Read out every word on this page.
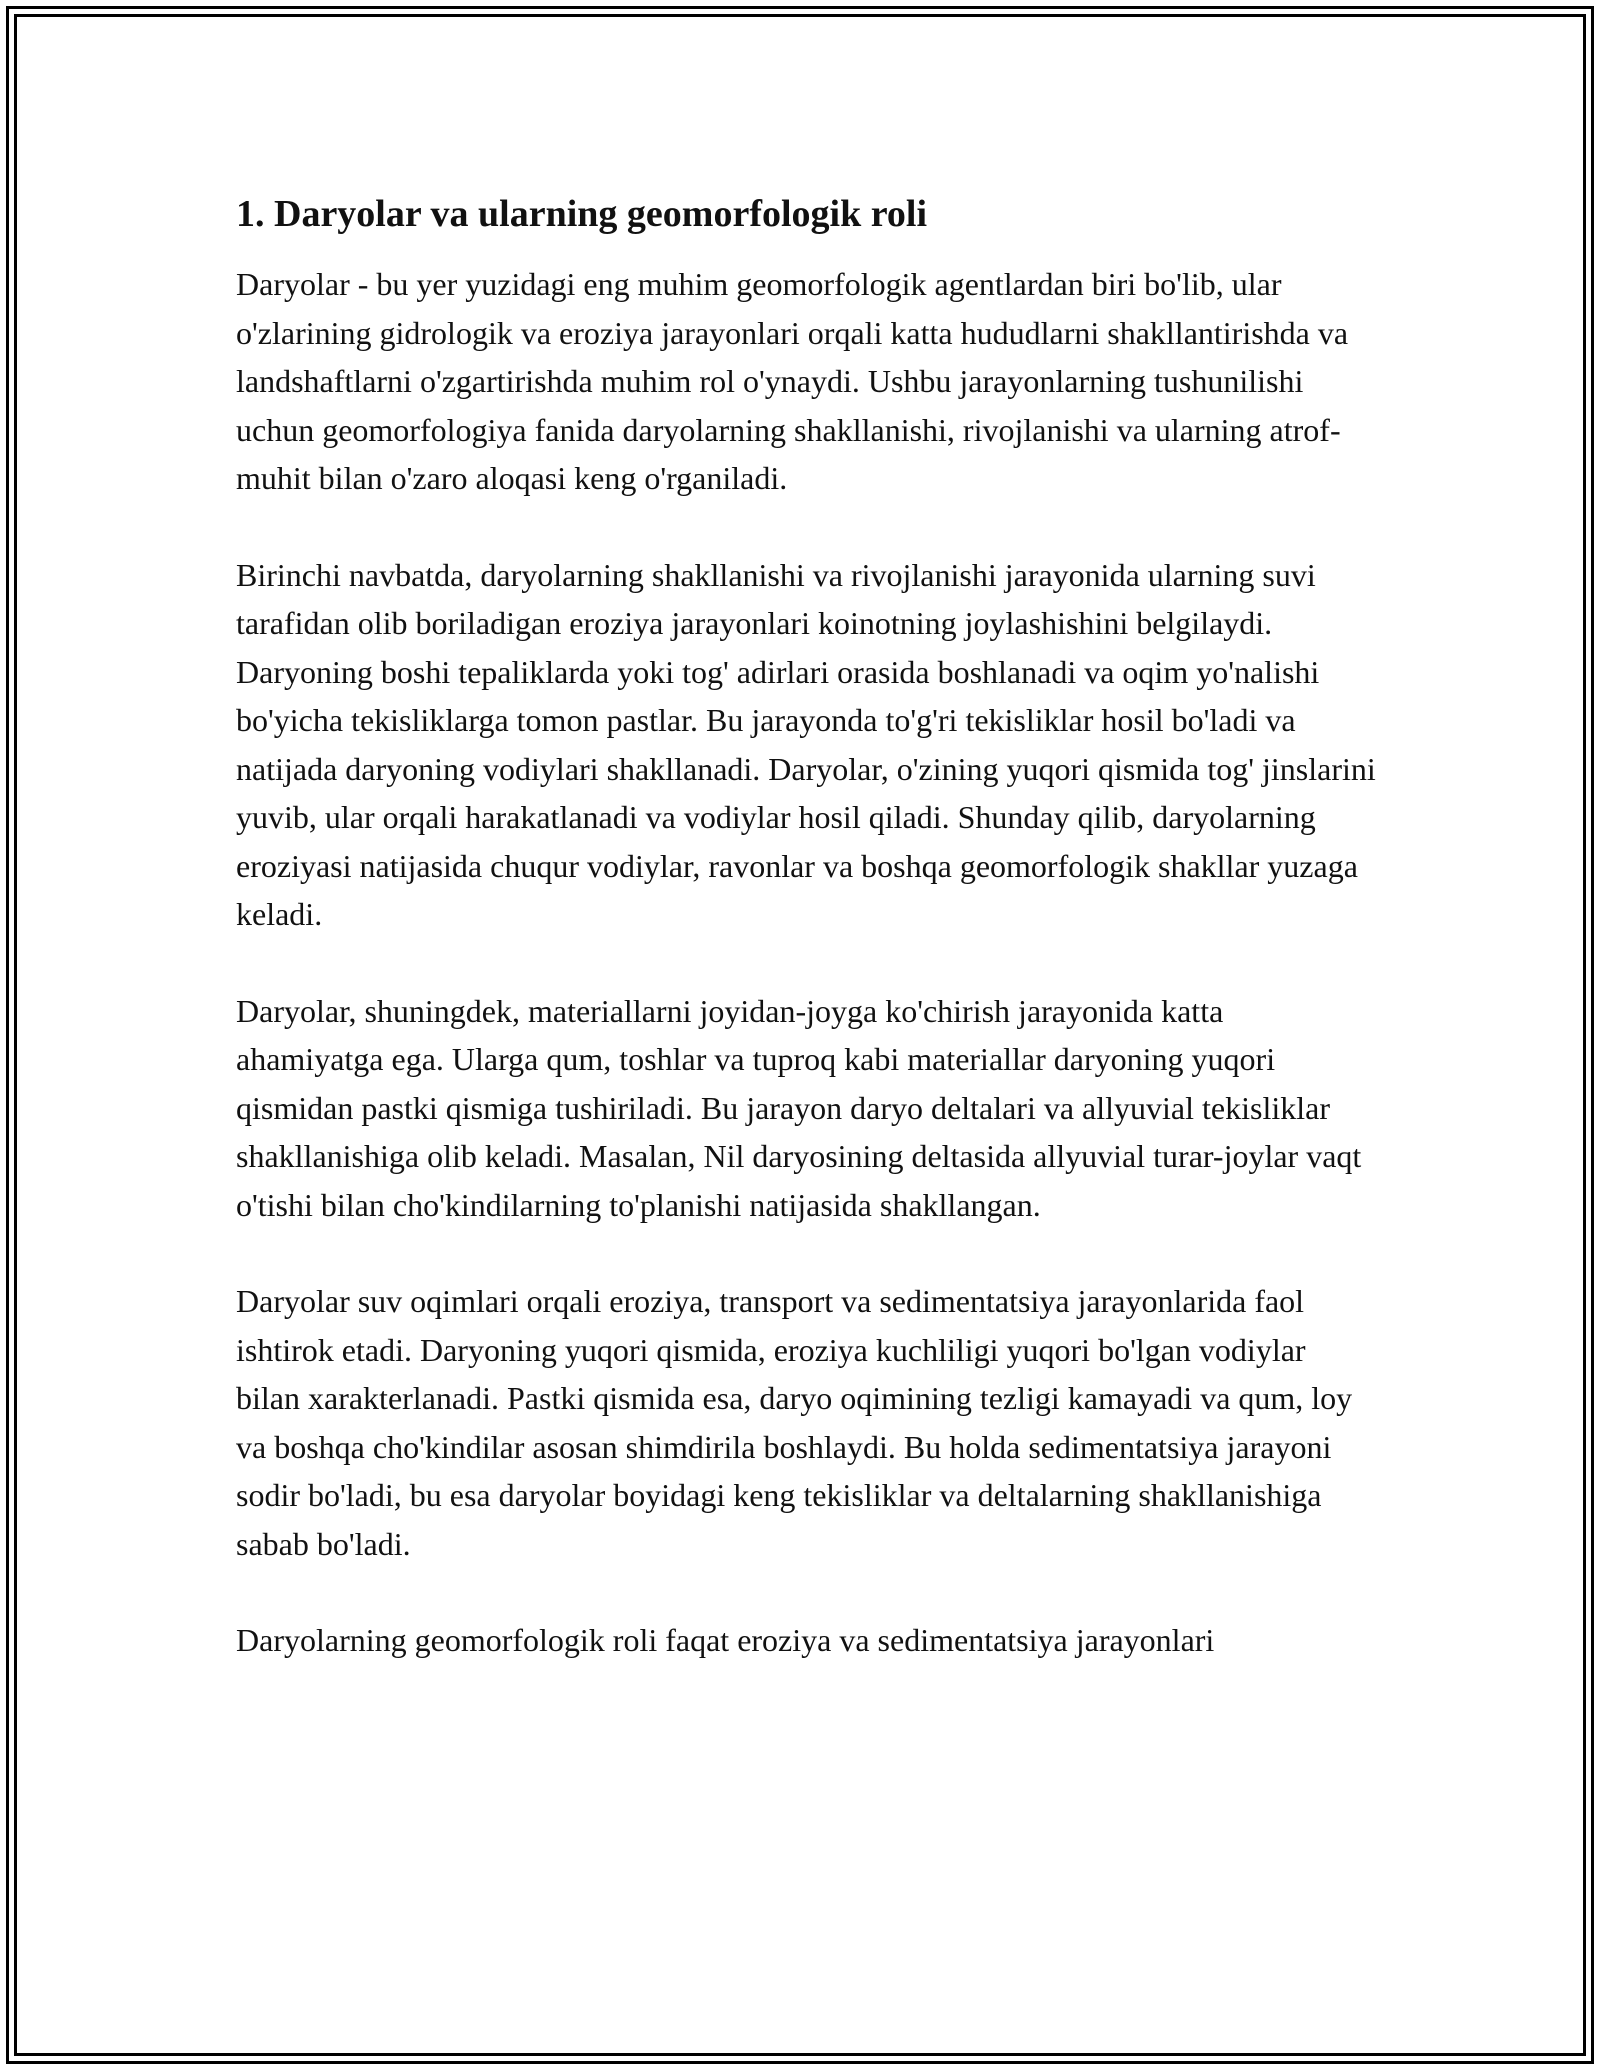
1. Daryolar va ularning geomorfologik roli

Daryolar - bu yer yuzidagi eng muhim geomorfologik agentlardan biri bo'lib, ular o'zlarining gidrologik va eroziya jarayonlari orqali katta hududlarni shakllantirishda va landshaftlarni o'zgartirishda muhim rol o'ynaydi. Ushbu jarayonlarning tushunilishi uchun geomorfologiya fanida daryolarning shakllanishi, rivojlanishi va ularning atrof-muhit bilan o'zaro aloqasi keng o'rganiladi.

Birinchi navbatda, daryolarning shakllanishi va rivojlanishi jarayonida ularning suvi tarafidan olib boriladigan eroziya jarayonlari koinotning joylashishini belgilaydi. Daryoning boshi tepaliklarda yoki tog' adirlari orasida boshlanadi va oqim yo'nalishi bo'yicha tekisliklarga tomon pastlar. Bu jarayonda to'g'ri tekisliklar hosil bo'ladi va natijada daryoning vodiylari shakllanadi. Daryolar, o'zining yuqori qismida tog' jinslarini yuvib, ular orqali harakatlanadi va vodiylar hosil qiladi. Shunday qilib, daryolarning eroziyasi natijasida chuqur vodiylar, ravonlar va boshqa geomorfologik shakllar yuzaga keladi.

Daryolar, shuningdek, materiallarni joyidan-joyga ko'chirish jarayonida katta ahamiyatga ega. Ularga qum, toshlar va tuproq kabi materiallar daryoning yuqori qismidan pastki qismiga tushiriladi. Bu jarayon daryo deltalari va allyuvial tekisliklar shakllanishiga olib keladi. Masalan, Nil daryosining deltasida allyuvial turar-joylar vaqt o'tishi bilan cho'kindilarning to'planishi natijasida shakllangan.

Daryolar suv oqimlari orqali eroziya, transport va sedimentatsiya jarayonlarida faol ishtirok etadi. Daryoning yuqori qismida, eroziya kuchliligi yuqori bo'lgan vodiylar bilan xarakterlanadi. Pastki qismida esa, daryo oqimining tezligi kamayadi va qum, loy va boshqa cho'kindilar asosan shimdirila boshlaydi. Bu holda sedimentatsiya jarayoni sodir bo'ladi, bu esa daryolar boyidagi keng tekisliklar va deltalarning shakllanishiga sabab bo'ladi.

Daryolarning geomorfologik roli faqat eroziya va sedimentatsiya jarayonlari
